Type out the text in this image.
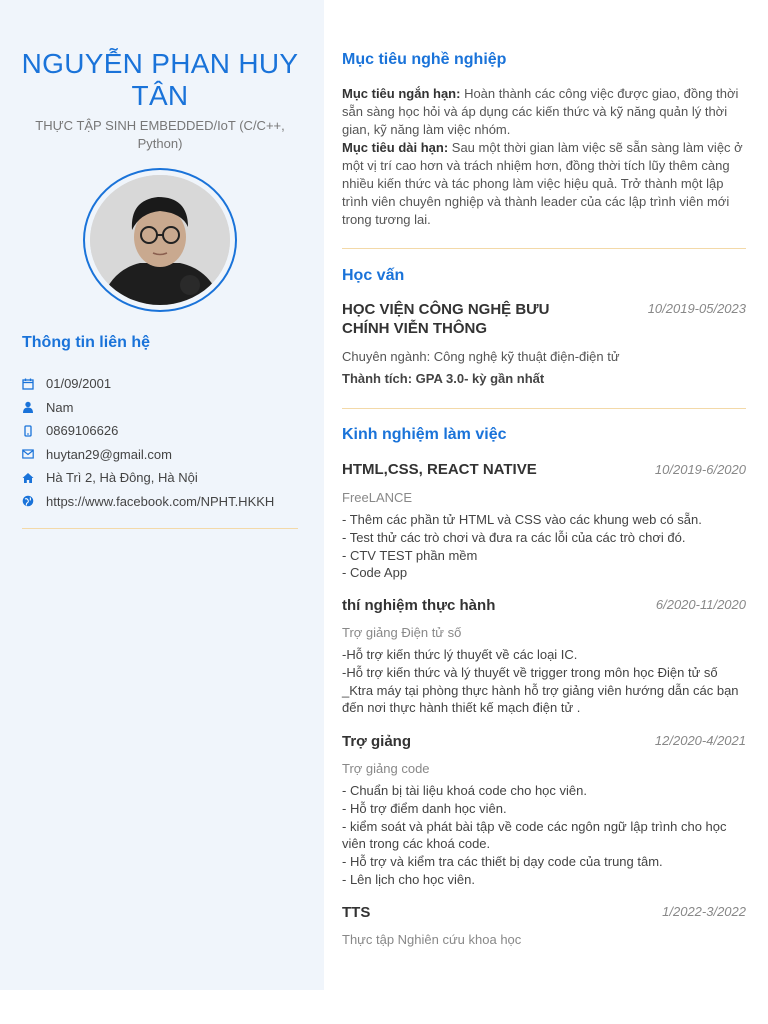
NGUYỄN PHAN HUY TÂN
THỰC TẬP SINH EMBEDDED/IoT (C/C++, Python)
Thông tin liên hệ
01/09/2001
Nam
0869106626
huytan29@gmail.com
Hà Trì 2, Hà Đông, Hà Nội
https://www.facebook.com/NPHT.HKKH
Mục tiêu nghề nghiệp
Mục tiêu ngắn hạn: Hoàn thành các công việc được giao, đồng thời sẵn sàng học hỏi và áp dụng các kiến thức và kỹ năng quản lý thời gian, kỹ năng làm việc nhóm.
Mục tiêu dài hạn: Sau một thời gian làm việc sẽ sẵn sàng làm việc ở một vị trí cao hơn và trách nhiệm hơn, đồng thời tích lũy thêm càng nhiều kiến thức và tác phong làm việc hiệu quả. Trở thành một lập trình viên chuyên nghiệp và thành leader của các lập trình viên mới trong tương lai.
Học vấn
HỌC VIỆN CÔNG NGHỆ BƯU
CHÍNH VIỄN THÔNG
10/2019-05/2023
Chuyên ngành: Công nghệ kỹ thuật điện-điện tử
Thành tích: GPA 3.0- kỳ gần nhất
Kinh nghiệm làm việc
HTML,CSS, REACT NATIVE	10/2019-6/2020
FreeLANCE
- Thêm các phần tử HTML và CSS vào các khung web có sẵn.
- Test thử các trò chơi và đưa ra các lỗi của các trò chơi đó.
- CTV TEST phần mềm
- Code App
thí nghiệm thực hành	6/2020-11/2020
Trợ giảng Điện tử số
-Hỗ trợ kiến thức lý thuyết về các loại IC.
-Hỗ trợ kiến thức và lý thuyết về trigger trong môn học Điện tử số
_Ktra máy tại phòng thực hành hỗ trợ giảng viên hướng dẫn các bạn đến nơi thực hành thiết kế mạch điện tử .
Trợ giảng	12/2020-4/2021
Trợ giảng code
- Chuẩn bị tài liệu khoá code cho học viên.
- Hỗ trợ điểm danh học viên.
- kiểm soát và phát bài tập về code các ngôn ngữ lập trình cho học viên trong các khoá code.
- Hỗ trợ và kiểm tra các thiết bị dạy code của trung tâm.
- Lên lịch cho học viên.
TTS	1/2022-3/2022
Thực tập Nghiên cứu khoa học
